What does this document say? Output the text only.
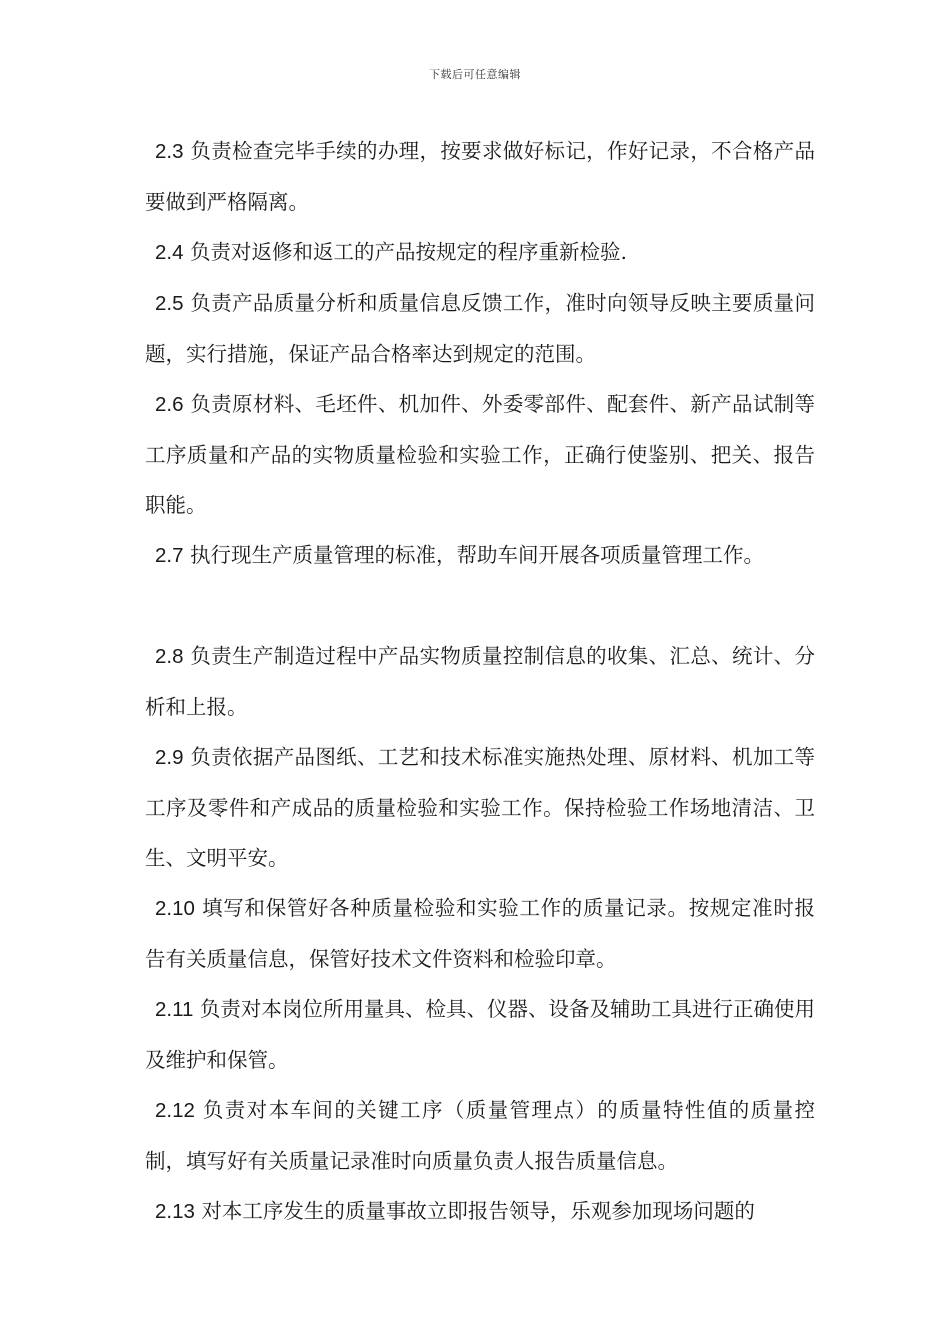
下载后可任意编辑

2.3 负责检查完毕手续的办理，按要求做好标记，作好记录，不合格产品要做到严格隔离。

2.4 负责对返修和返工的产品按规定的程序重新检验.

2.5 负责产品质量分析和质量信息反馈工作，准时向领导反映主要质量问题，实行措施，保证产品合格率达到规定的范围。

2.6 负责原材料、毛坯件、机加件、外委零部件、配套件、新产品试制等工序质量和产品的实物质量检验和实验工作，正确行使鉴别、把关、报告职能。

2.7 执行现生产质量管理的标准，帮助车间开展各项质量管理工作。

2.8 负责生产制造过程中产品实物质量控制信息的收集、汇总、统计、分析和上报。

2.9 负责依据产品图纸、工艺和技术标准实施热处理、原材料、机加工等工序及零件和产成品的质量检验和实验工作。保持检验工作场地清洁、卫生、文明平安。

2.10 填写和保管好各种质量检验和实验工作的质量记录。按规定准时报告有关质量信息，保管好技术文件资料和检验印章。

2.11 负责对本岗位所用量具、检具、仪器、设备及辅助工具进行正确使用及维护和保管。

2.12 负责对本车间的关键工序（质量管理点）的质量特性值的质量控制，填写好有关质量记录准时向质量负责人报告质量信息。

2.13 对本工序发生的质量事故立即报告领导，乐观参加现场问题的
